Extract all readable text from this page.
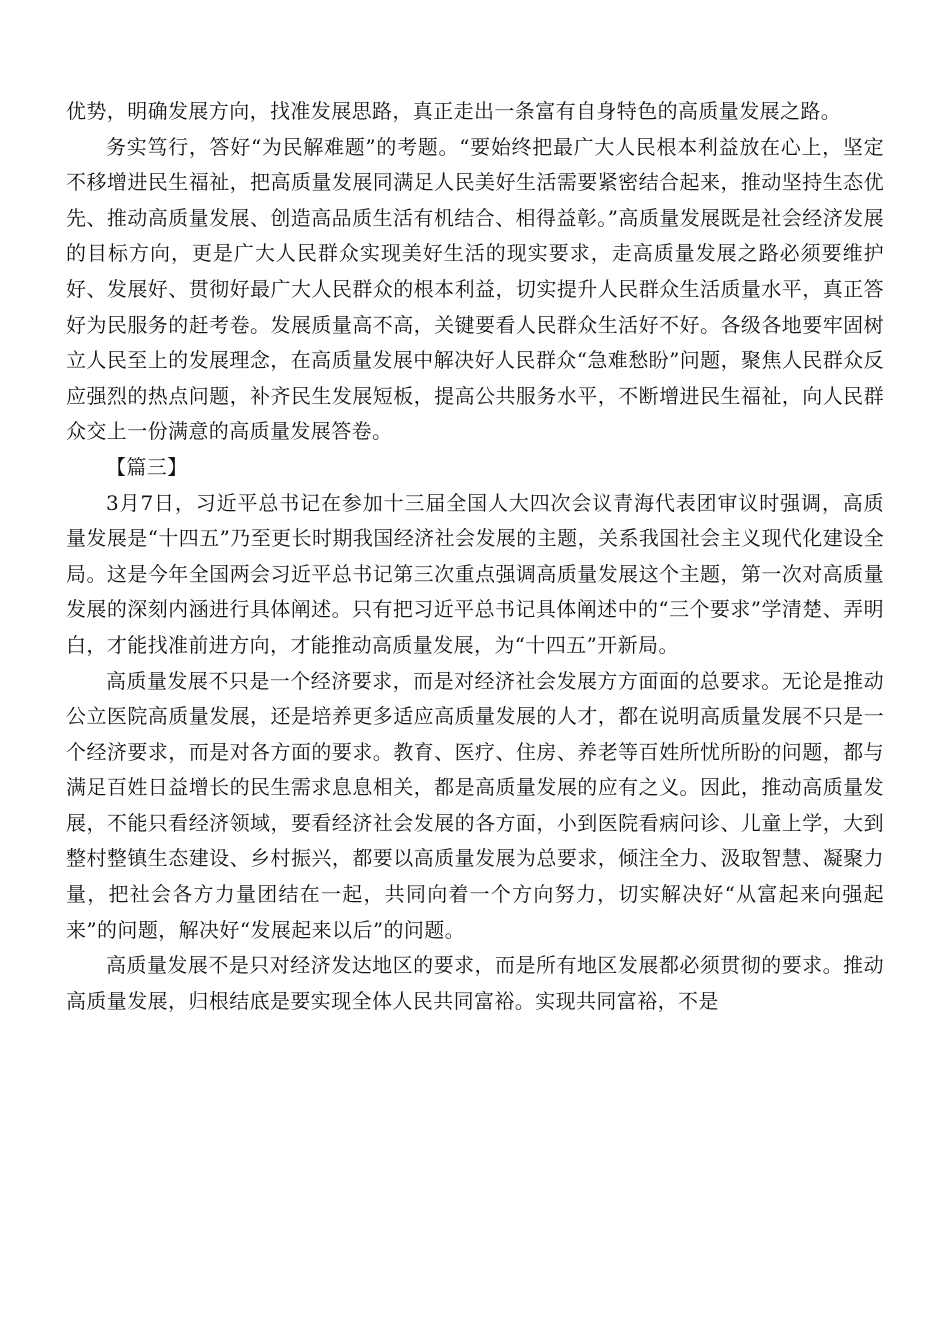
优势，明确发展方向，找准发展思路，真正走出一条富有自身特色的高质量发展之路。

务实笃行，答好“为民解难题”的考题。“要始终把最广大人民根本利益放在心上，坚定不移增进民生福祉，把高质量发展同满足人民美好生活需要紧密结合起来，推动坚持生态优先、推动高质量发展、创造高品质生活有机结合、相得益彰。”高质量发展既是社会经济发展的目标方向，更是广大人民群众实现美好生活的现实要求，走高质量发展之路必须要维护好、发展好、贯彻好最广大人民群众的根本利益，切实提升人民群众生活质量水平，真正答好为民服务的赶考卷。发展质量高不高，关键要看人民群众生活好不好。各级各地要牢固树立人民至上的发展理念，在高质量发展中解决好人民群众“急难愁盼”问题，聚焦人民群众反应强烈的热点问题，补齐民生发展短板，提高公共服务水平，不断增进民生福祉，向人民群众交上一份满意的高质量发展答卷。

【篇三】

3月7日，习近平总书记在参加十三届全国人大四次会议青海代表团审议时强调，高质量发展是“十四五”乃至更长时期我国经济社会发展的主题，关系我国社会主义现代化建设全局。这是今年全国两会习近平总书记第三次重点强调高质量发展这个主题，第一次对高质量发展的深刻内涵进行具体阐述。只有把习近平总书记具体阐述中的“三个要求”学清楚、弄明白，才能找准前进方向，才能推动高质量发展，为“十四五”开新局。

高质量发展不只是一个经济要求，而是对经济社会发展方方面面的总要求。无论是推动公立医院高质量发展，还是培养更多适应高质量发展的人才，都在说明高质量发展不只是一个经济要求，而是对各方面的要求。教育、医疗、住房、养老等百姓所忧所盼的问题，都与满足百姓日益增长的民生需求息息相关，都是高质量发展的应有之义。因此，推动高质量发展，不能只看经济领域，要看经济社会发展的各方面，小到医院看病问诊、儿童上学，大到整村整镇生态建设、乡村振兴，都要以高质量发展为总要求，倾注全力、汲取智慧、凝聚力量，把社会各方力量团结在一起，共同向着一个方向努力，切实解决好“从富起来向强起来”的问题，解决好“发展起来以后”的问题。

高质量发展不是只对经济发达地区的要求，而是所有地区发展都必须贯彻的要求。推动高质量发展，归根结底是要实现全体人民共同富裕。实现共同富裕，不是
